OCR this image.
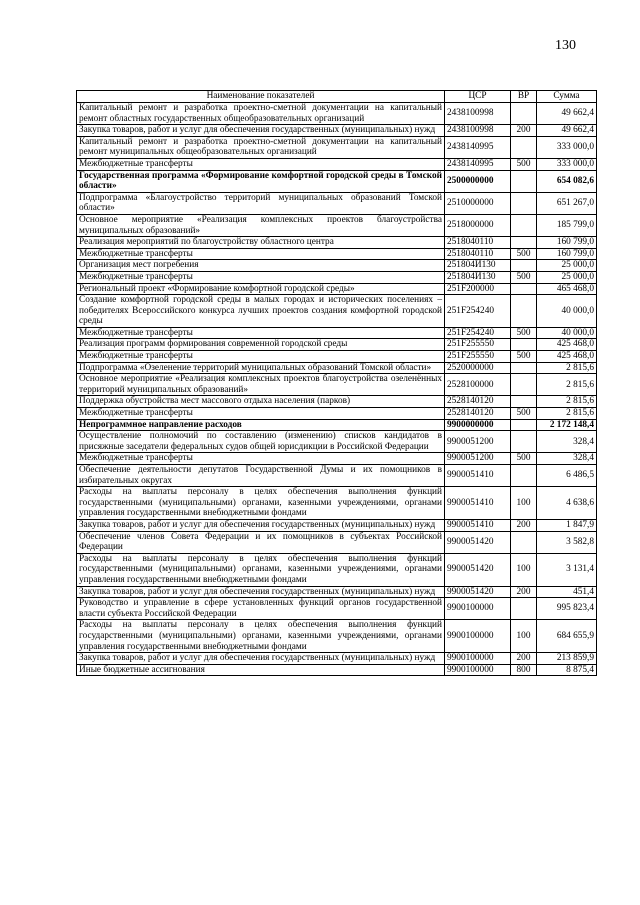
130
Наименование показателей	ЦСР	ВР	Сумма
Капитальный ремонт и разработка проектно-сметной документации на капитальный ремонт областных государственных общеобразовательных организаций	2438100998		49 662,4
Закупка товаров, работ и услуг для обеспечения государственных (муниципальных) нужд	2438100998	200	49 662,4
Капитальный ремонт и разработка проектно-сметной документации на капитальный ремонт муниципальных общеобразовательных организаций	2438140995		333 000,0
Межбюджетные трансферты	2438140995	500	333 000,0
Государственная программа «Формирование комфортной городской среды в Томской области»	2500000000		654 082,6
Подпрограмма «Благоустройство территорий муниципальных образований Томской области»	2510000000		651 267,0
Основное мероприятие «Реализация комплексных проектов благоустройства муниципальных образований»	2518000000		185 799,0
Реализация мероприятий по благоустройству областного центра	2518040110		160 799,0
Межбюджетные трансферты	2518040110	500	160 799,0
Организация мест погребения	251804И130		25 000,0
Межбюджетные трансферты	251804И130	500	25 000,0
Региональный проект «Формирование комфортной городской среды»	251F200000		465 468,0
Создание комфортной городской среды в малых городах и исторических поселениях – победителях Всероссийского конкурса лучших проектов создания комфортной городской среды	251F254240		40 000,0
Межбюджетные трансферты	251F254240	500	40 000,0
Реализация программ формирования современной городской среды	251F255550		425 468,0
Межбюджетные трансферты	251F255550	500	425 468,0
Подпрограмма «Озеленение территорий муниципальных образований Томской области»	2520000000		2 815,6
Основное мероприятие «Реализация комплексных проектов благоустройства озеленённых территорий муниципальных образований»	2528100000		2 815,6
Поддержка обустройства мест массового отдыха населения (парков)	2528140120		2 815,6
Межбюджетные трансферты	2528140120	500	2 815,6
Непрограммное направление расходов	9900000000		2 172 148,4
Осуществление полномочий по составлению (изменению) списков кандидатов в присяжные заседатели федеральных судов общей юрисдикции в Российской Федерации	9900051200		328,4
Межбюджетные трансферты	9900051200	500	328,4
Обеспечение деятельности депутатов Государственной Думы и их помощников в избирательных округах	9900051410		6 486,5
Расходы на выплаты персоналу в целях обеспечения выполнения функций государственными (муниципальными) органами, казенными учреждениями, органами управления государственными внебюджетными фондами	9900051410	100	4 638,6
Закупка товаров, работ и услуг для обеспечения государственных (муниципальных) нужд	9900051410	200	1 847,9
Обеспечение членов Совета Федерации и их помощников в субъектах Российской Федерации	9900051420		3 582,8
Расходы на выплаты персоналу в целях обеспечения выполнения функций государственными (муниципальными) органами, казенными учреждениями, органами управления государственными внебюджетными фондами	9900051420	100	3 131,4
Закупка товаров, работ и услуг для обеспечения государственных (муниципальных) нужд	9900051420	200	451,4
Руководство и управление в сфере установленных функций органов государственной власти субъекта Российской Федерации	9900100000		995 823,4
Расходы на выплаты персоналу в целях обеспечения выполнения функций государственными (муниципальными) органами, казенными учреждениями, органами управления государственными внебюджетными фондами	9900100000	100	684 655,9
Закупка товаров, работ и услуг для обеспечения государственных (муниципальных) нужд	9900100000	200	213 859,9
Иные бюджетные ассигнования	9900100000	800	8 875,4
